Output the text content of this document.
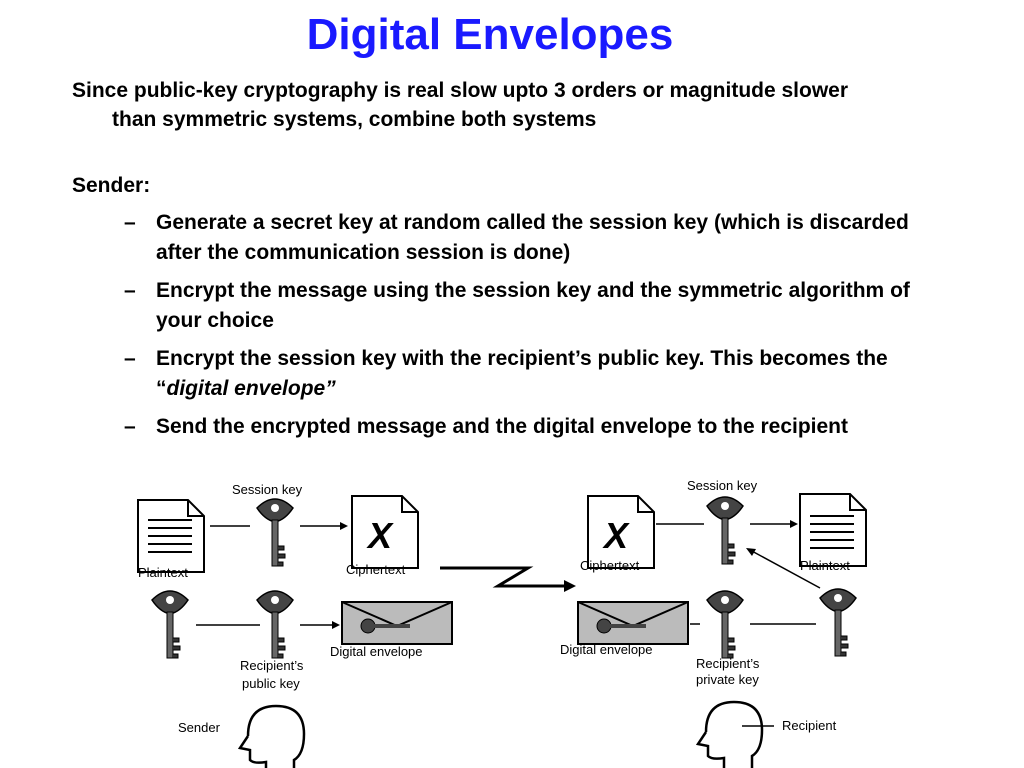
Digital Envelopes

Since public-key cryptography is real slow upto 3 orders or magnitude slower than symmetric systems, combine both systems

Sender:

– Generate a secret key at random called the session key (which is discarded after the communication session is done)
– Encrypt the message using the session key and the symmetric algorithm of your choice
– Encrypt the session key with the recipient’s public key. This becomes the “digital envelope”
– Send the encrypted message and the digital envelope to the recipient
Plaintext
Session key
X
Ciphertext
Digital envelope
Recipient’s
public key
Sender
X
Ciphertext
Session key
Plaintext
Digital envelope
Recipient’s
private key
Recipient
